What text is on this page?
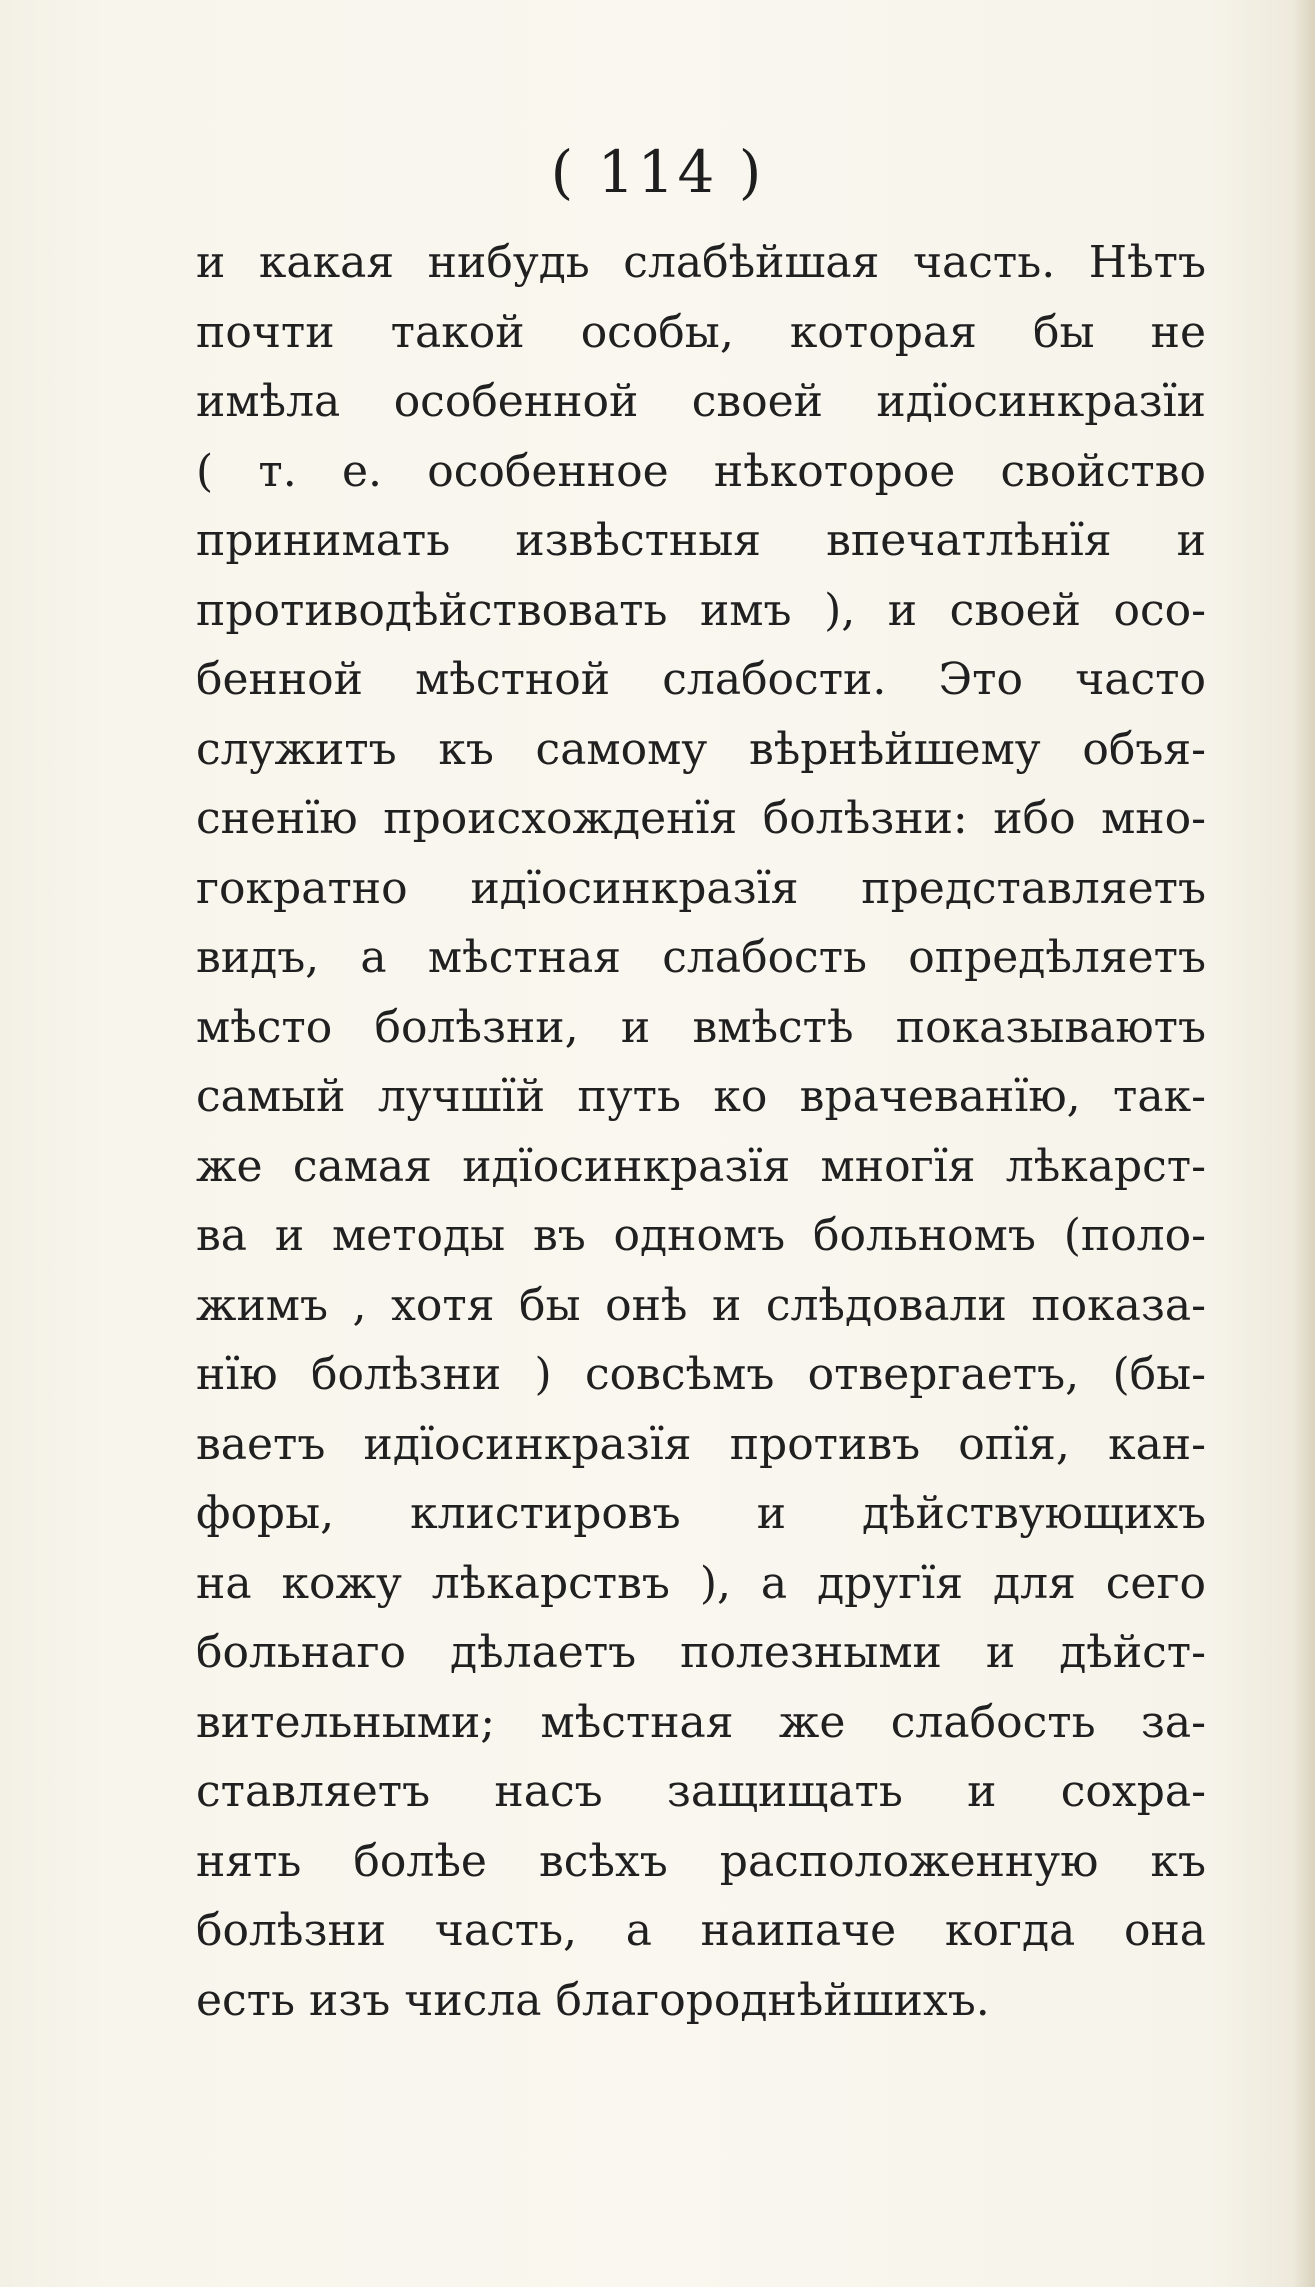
( 114 )
и какая нибудь слабѣйшая часть. Нѣтъ
почти такой особы, которая бы не
имѣла особенной своей идїосинкразїи
( т. е. особенное нѣкоторое свойство
принимать извѣстныя впечатлѣнїя и
противодѣйствовать имъ ), и своей осо-
бенной мѣстной слабости. Это часто
служитъ къ самому вѣрнѣйшему объя-
сненїю происхожденїя болѣзни: ибо мно-
гократно идїосинкразїя представляетъ
видъ, а мѣстная слабость опредѣляетъ
мѣсто болѣзни, и вмѣстѣ показываютъ
самый лучшїй путь ко врачеванїю, так-
же самая идїосинкразїя многїя лѣкарст-
ва и методы въ одномъ больномъ (поло-
жимъ , хотя бы онѣ и слѣдовали показа-
нїю болѣзни ) совсѣмъ отвергаетъ, (бы-
ваетъ идїосинкразїя противъ опїя, кан-
форы, клистировъ и дѣйствующихъ
на кожу лѣкарствъ ), а другїя для сего
больнаго дѣлаетъ полезными и дѣйст-
вительными; мѣстная же слабость за-
ставляетъ насъ защищать и сохра-
нять болѣе всѣхъ расположенную къ
болѣзни часть, а наипаче когда она
есть изъ числа благороднѣйшихъ.
